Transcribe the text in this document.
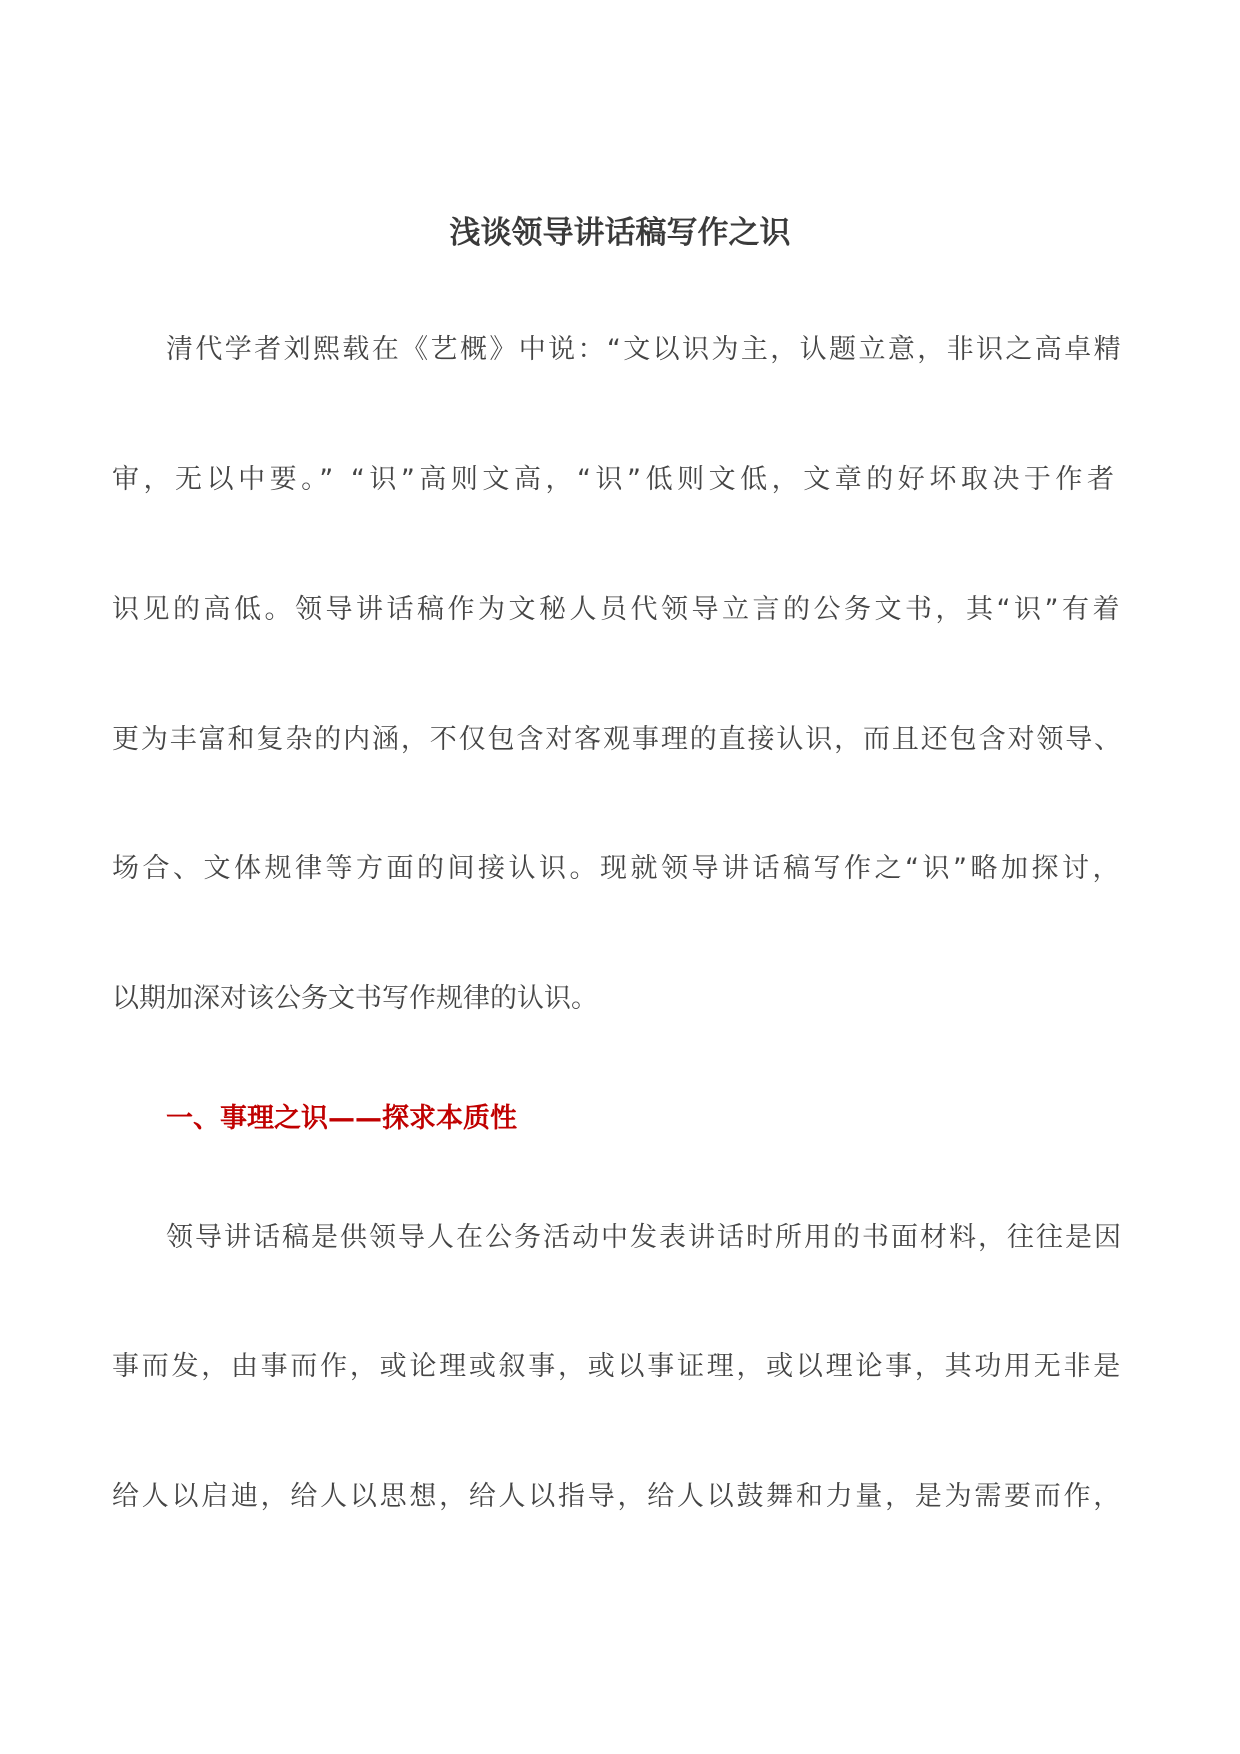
浅谈领导讲话稿写作之识
清代学者刘熙载在《艺概》中说：“文以识为主，认题立意，非识之高卓精
审，无以中要。” “识”高则文高，“识”低则文低，文章的好坏取决于作者
识见的高低。领导讲话稿作为文秘人员代领导立言的公务文书，其“识”有着
更为丰富和复杂的内涵，不仅包含对客观事理的直接认识，而且还包含对领导、
场合、文体规律等方面的间接认识。现就领导讲话稿写作之“识”略加探讨，
以期加深对该公务文书写作规律的认识。
一、事理之识——探求本质性
领导讲话稿是供领导人在公务活动中发表讲话时所用的书面材料，往往是因
事而发，由事而作，或论理或叙事，或以事证理，或以理论事，其功用无非是
给人以启迪，给人以思想，给人以指导，给人以鼓舞和力量，是为需要而作，
